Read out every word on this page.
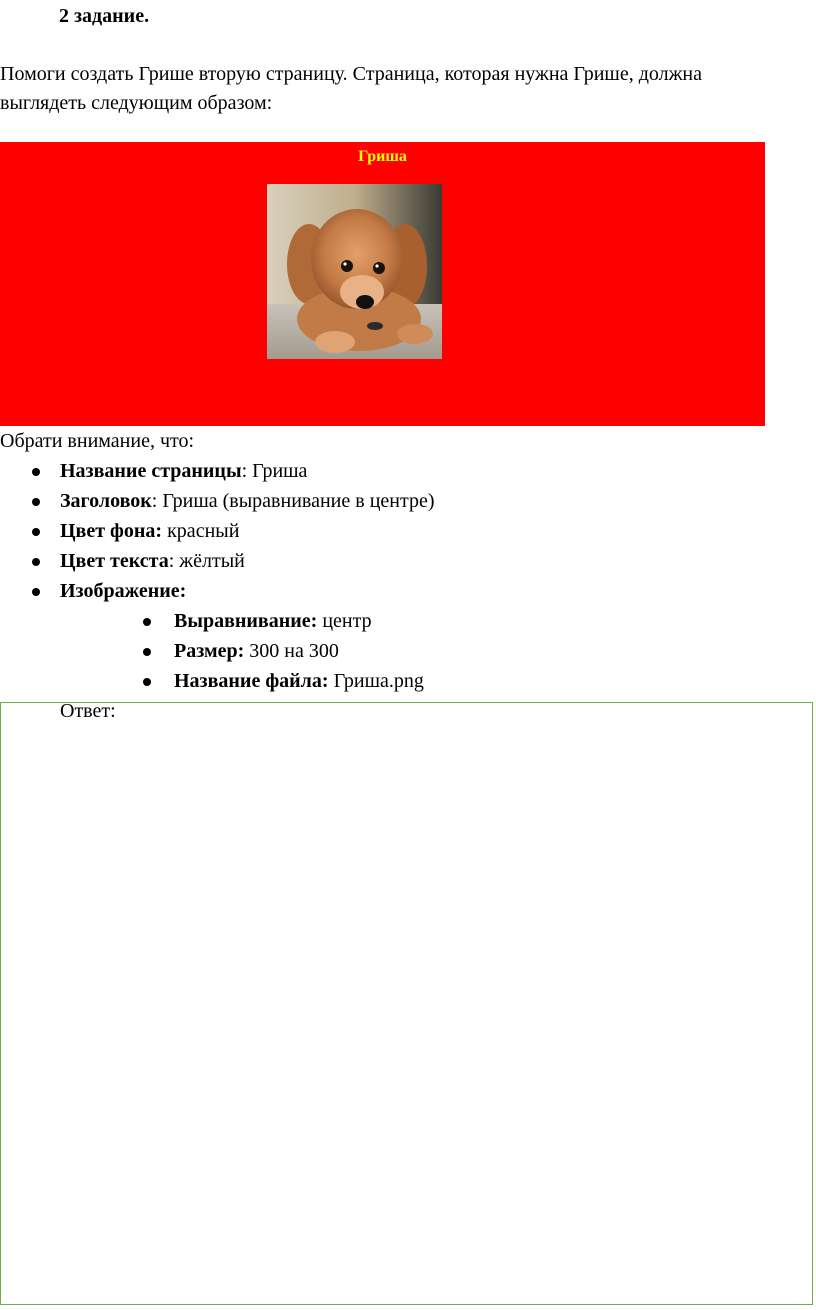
2 задание.
Помоги создать Грише вторую страницу. Страница, которая нужна Грише, должна выглядеть следующим образом:
Гриша
Обрати внимание, что:
Название страницы: Гриша
Заголовок: Гриша (выравнивание в центре)
Цвет фона: красный
Цвет текста: жёлтый
Изображение:
Выравнивание: центр
Размер: 300 на 300
Название файла: Гриша.png
Ответ:
